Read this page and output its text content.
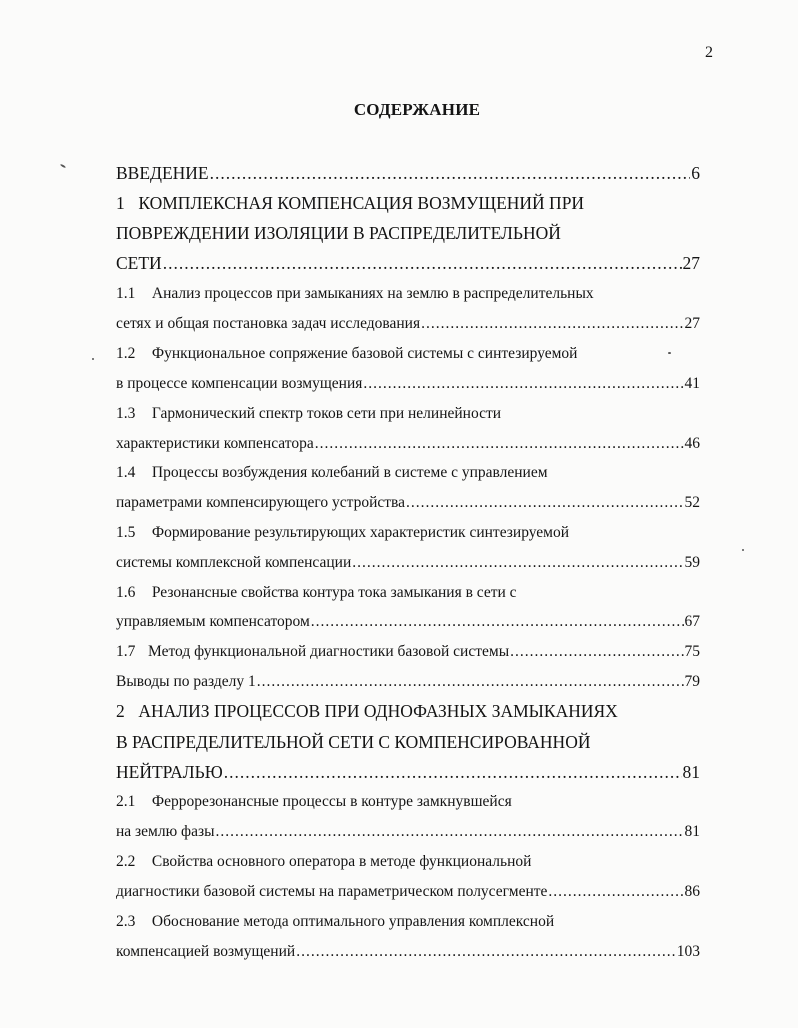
2
СОДЕРЖАНИЕ
ВВЕДЕНИЕ .....	6
1 КОМПЛЕКСНАЯ КОМПЕНСАЦИЯ ВОЗМУЩЕНИЙ ПРИ
ПОВРЕЖДЕНИИ ИЗОЛЯЦИИ В РАСПРЕДЕЛИТЕЛЬНОЙ
СЕТИ .....	27
1.1 Анализ процессов при замыканиях на землю в распределительных
сетях и общая постановка задач исследования .....	27
1.2 Функциональное сопряжение базовой системы с синтезируемой
в процессе компенсации возмущения .....	41
1.3 Гармонический спектр токов сети при нелинейности
характеристики компенсатора .....	46
1.4 Процессы возбуждения колебаний в системе с управлением
параметрами компенсирующего устройства .....	52
1.5 Формирование результирующих характеристик синтезируемой
системы комплексной компенсации .....	59
1.6 Резонансные свойства контура тока замыкания в сети с
управляемым компенсатором .....	67
1.7 Метод функциональной диагностики базовой системы .....	75
Выводы по разделу 1 .....	79
2 АНАЛИЗ ПРОЦЕССОВ ПРИ ОДНОФАЗНЫХ ЗАМЫКАНИЯХ
В РАСПРЕДЕЛИТЕЛЬНОЙ СЕТИ С КОМПЕНСИРОВАННОЙ
НЕЙТРАЛЬЮ .....	81
2.1 Феррорезонансные процессы в контуре замкнувшейся
на землю фазы .....	81
2.2 Свойства основного оператора в методе функциональной
диагностики базовой системы на параметрическом полусегменте .....	86
2.3 Обоснование метода оптимального управления комплексной
компенсацией возмущений .....	103
